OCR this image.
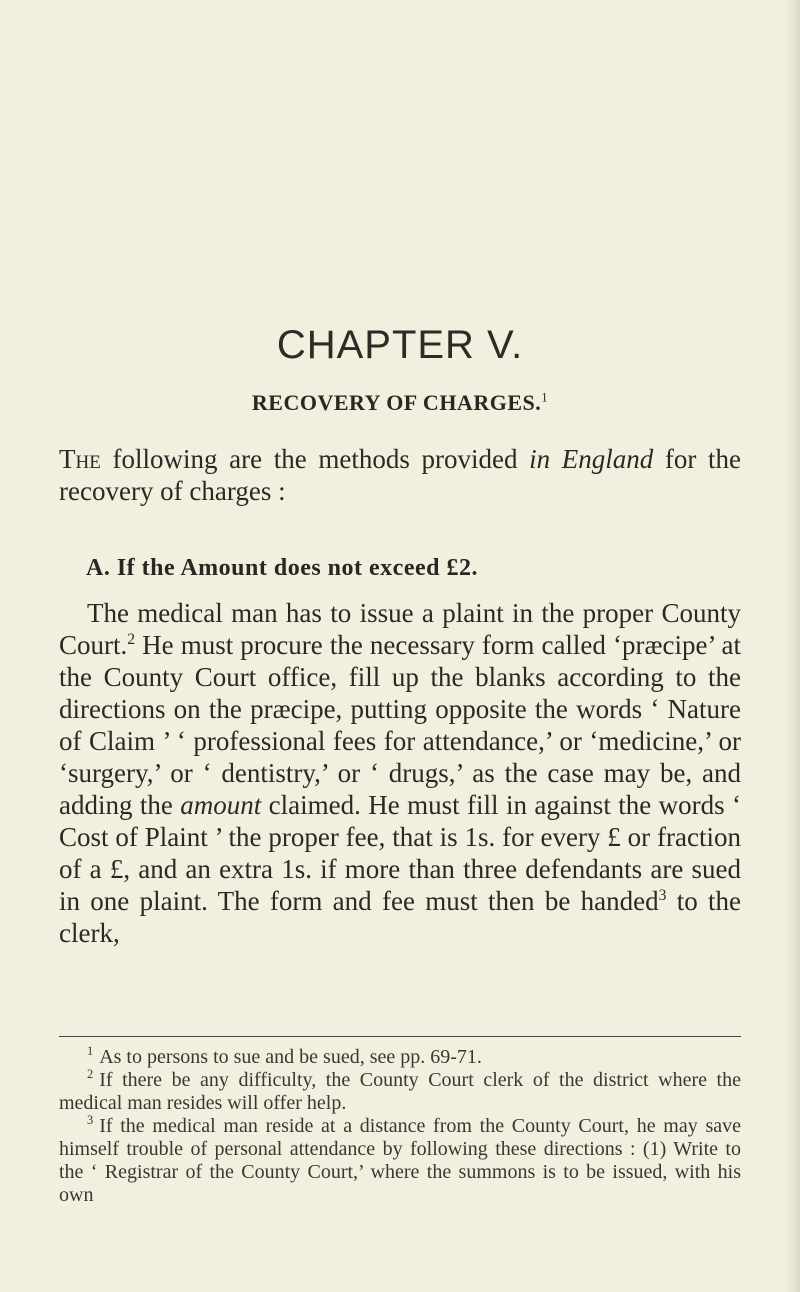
CHAPTER V.
RECOVERY OF CHARGES.$^1$
The following are the methods provided in England for the recovery of charges :
A. If the Amount does not exceed £2.
The medical man has to issue a plaint in the proper County Court.$^2$ He must procure the necessary form called ‘præcipe’ at the County Court office, fill up the blanks according to the directions on the præcipe, putting opposite the words ‘ Nature of Claim ’ ‘ professional fees for attendance,’ or ‘medicine,’ or ‘surgery,’ or ‘ dentistry,’ or ‘ drugs,’ as the case may be, and adding the amount claimed. He must fill in against the words ‘ Cost of Plaint ’ the proper fee, that is 1s. for every £ or fraction of a £, and an extra 1s. if more than three defendants are sued in one plaint. The form and fee must then be handed$^3$ to the clerk,

$^1$ As to persons to sue and be sued, see pp. 69-71.

$^2$ If there be any difficulty, the County Court clerk of the district where the medical man resides will offer help.

$^3$ If the medical man reside at a distance from the County Court, he may save himself trouble of personal attendance by following these directions : (1) Write to the ‘ Registrar of the County Court,’ where the summons is to be issued, with his own
